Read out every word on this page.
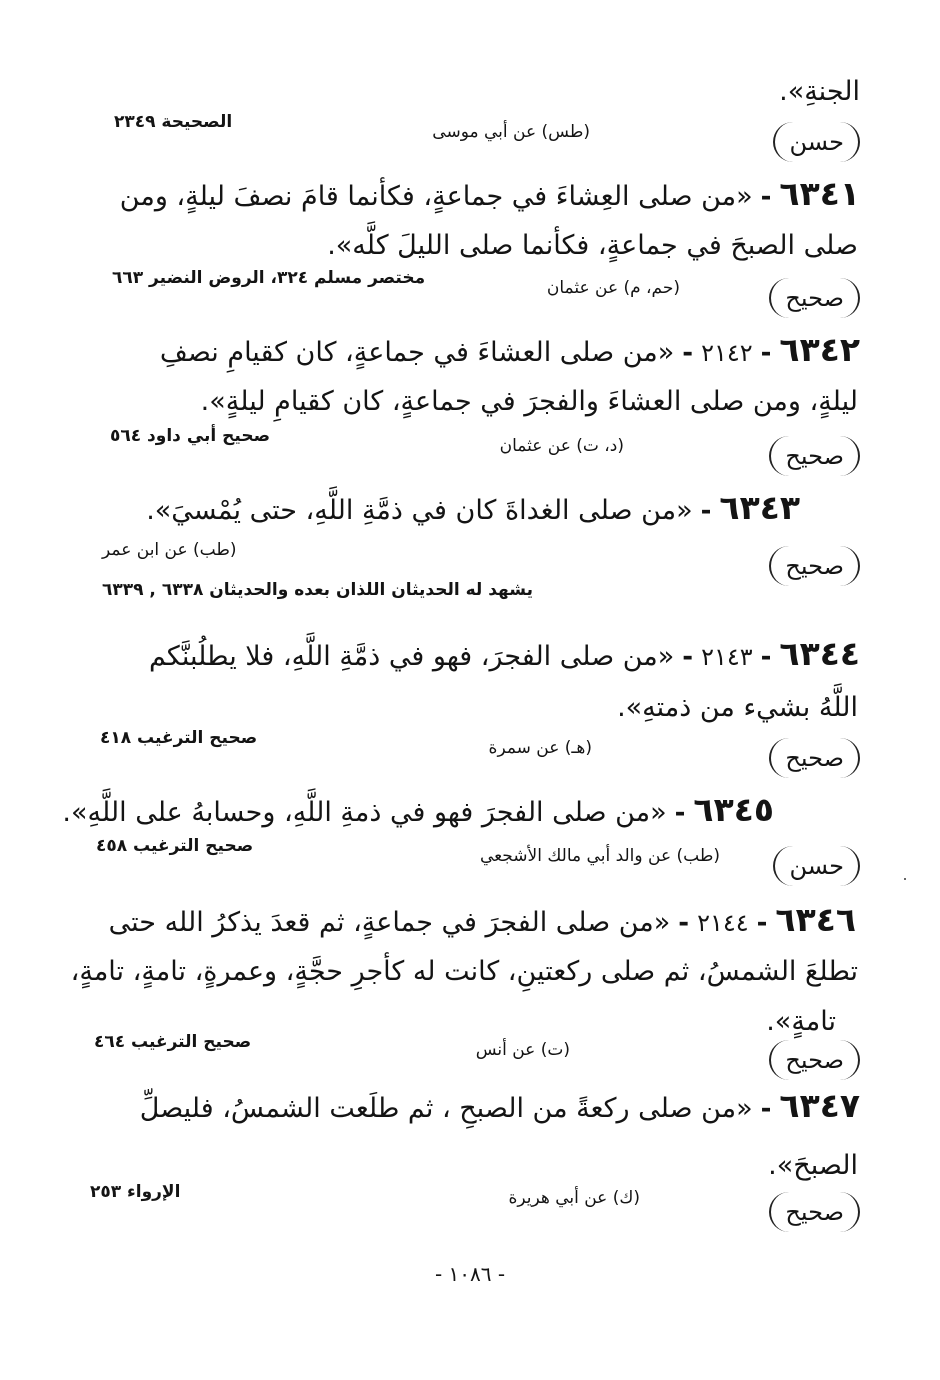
الجنةِ».
حسن
(طس) عن أبي موسى
الصحيحة ٢٣٤٩
٦٣٤١-«من صلى العِشاءَ في جماعةٍ، فكأنما قامَ نصفَ ليلةٍ، ومن
صلى الصبحَ في جماعةٍ، فكأنما صلى الليلَ كلَّه».
صحيح
(حم، م) عن عثمان
مختصر مسلم ٣٢٤، الروض النضير ٦٦٣
٦٣٤٢-٢١٤٢-«من صلى العشاءَ في جماعةٍ، كان كقيامِ نصفِ
ليلةٍ، ومن صلى العشاءَ والفجرَ في جماعةٍ، كان كقيامِ ليلةٍ».
صحيح
(د، ت) عن عثمان
صحيح أبي داود ٥٦٤
٦٣٤٣-«من صلى الغداةَ كان في ذمَّةِ اللَّهِ، حتى يُمْسيَ».
صحيح
(طب) عن ابن عمر
يشهد له الحديثان اللذان بعده والحديثان ٦٣٣٨ , ٦٣٣٩
٦٣٤٤-٢١٤٣-«من صلى الفجرَ، فهو في ذمَّةِ اللَّهِ، فلا يطلُبنَّكم
اللَّهُ بشيء من ذمتهِ».
صحيح
(هـ) عن سمرة
صحيح الترغيب ٤١٨
٦٣٤٥-«من صلى الفجرَ فهو في ذمةِ اللَّهِ، وحسابهُ على اللَّهِ».
حسن
(طب) عن والد أبي مالك الأشجعي
صحيح الترغيب ٤٥٨
٦٣٤٦-٢١٤٤-«من صلى الفجرَ في جماعةٍ، ثم قعدَ يذكرُ الله حتى
تطلعَ الشمسُ، ثم صلى ركعتينِ، كانت له كأجرِ حجَّةٍ، وعمرةٍ، تامةٍ، تامةٍ،
تامةٍ».
صحيح
(ت) عن أنس
صحيح الترغيب ٤٦٤
٦٣٤٧-«من صلى ركعةً من الصبحِ ، ثم طلَعت الشمسُ، فليصلِّ
الصبحَ».
صحيح
(ك) عن أبي هريرة
الإرواء ٢٥٣
- ١٠٨٦ -
